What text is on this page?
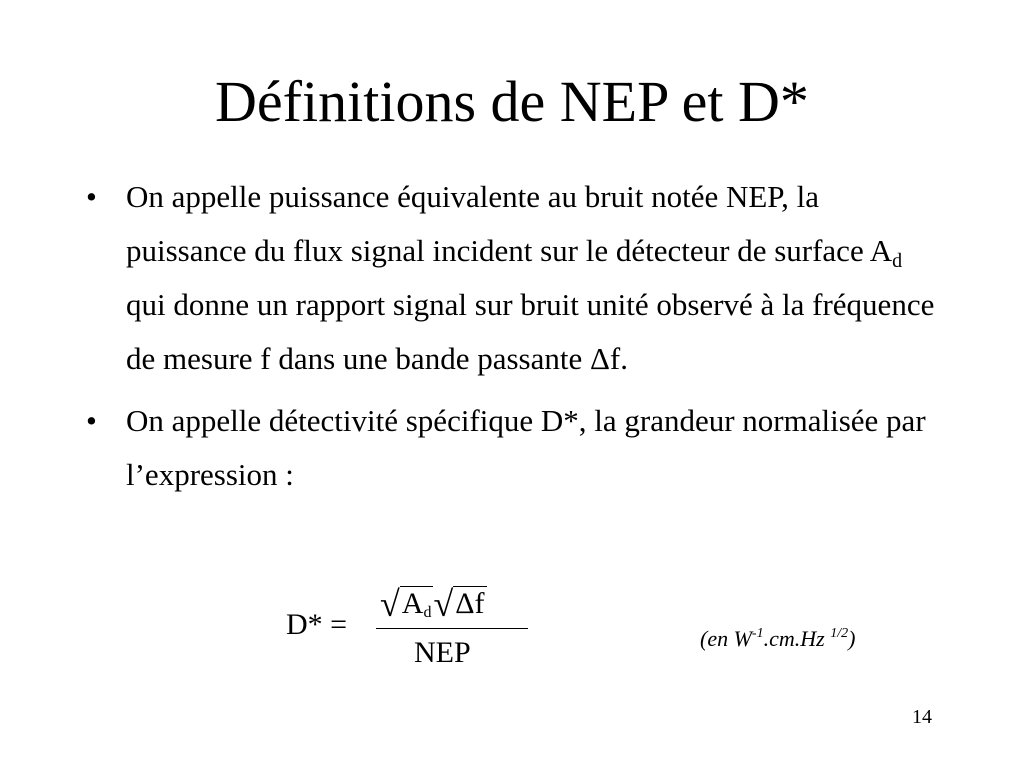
Définitions de NEP et D*
• On appelle puissance équivalente au bruit notée NEP, la puissance du flux signal incident sur le détecteur de surface $A_d$ qui donne un rapport signal sur bruit unité observé à la fréquence de mesure f dans une bande passante Δf.

• On appelle détectivité spécifique D*, la grandeur normalisée par l’expression :

D* =
$√A_d√\Delta f$
NEP	(en $W^{-1}.cm.Hz$ $^{1/2}$)
14
